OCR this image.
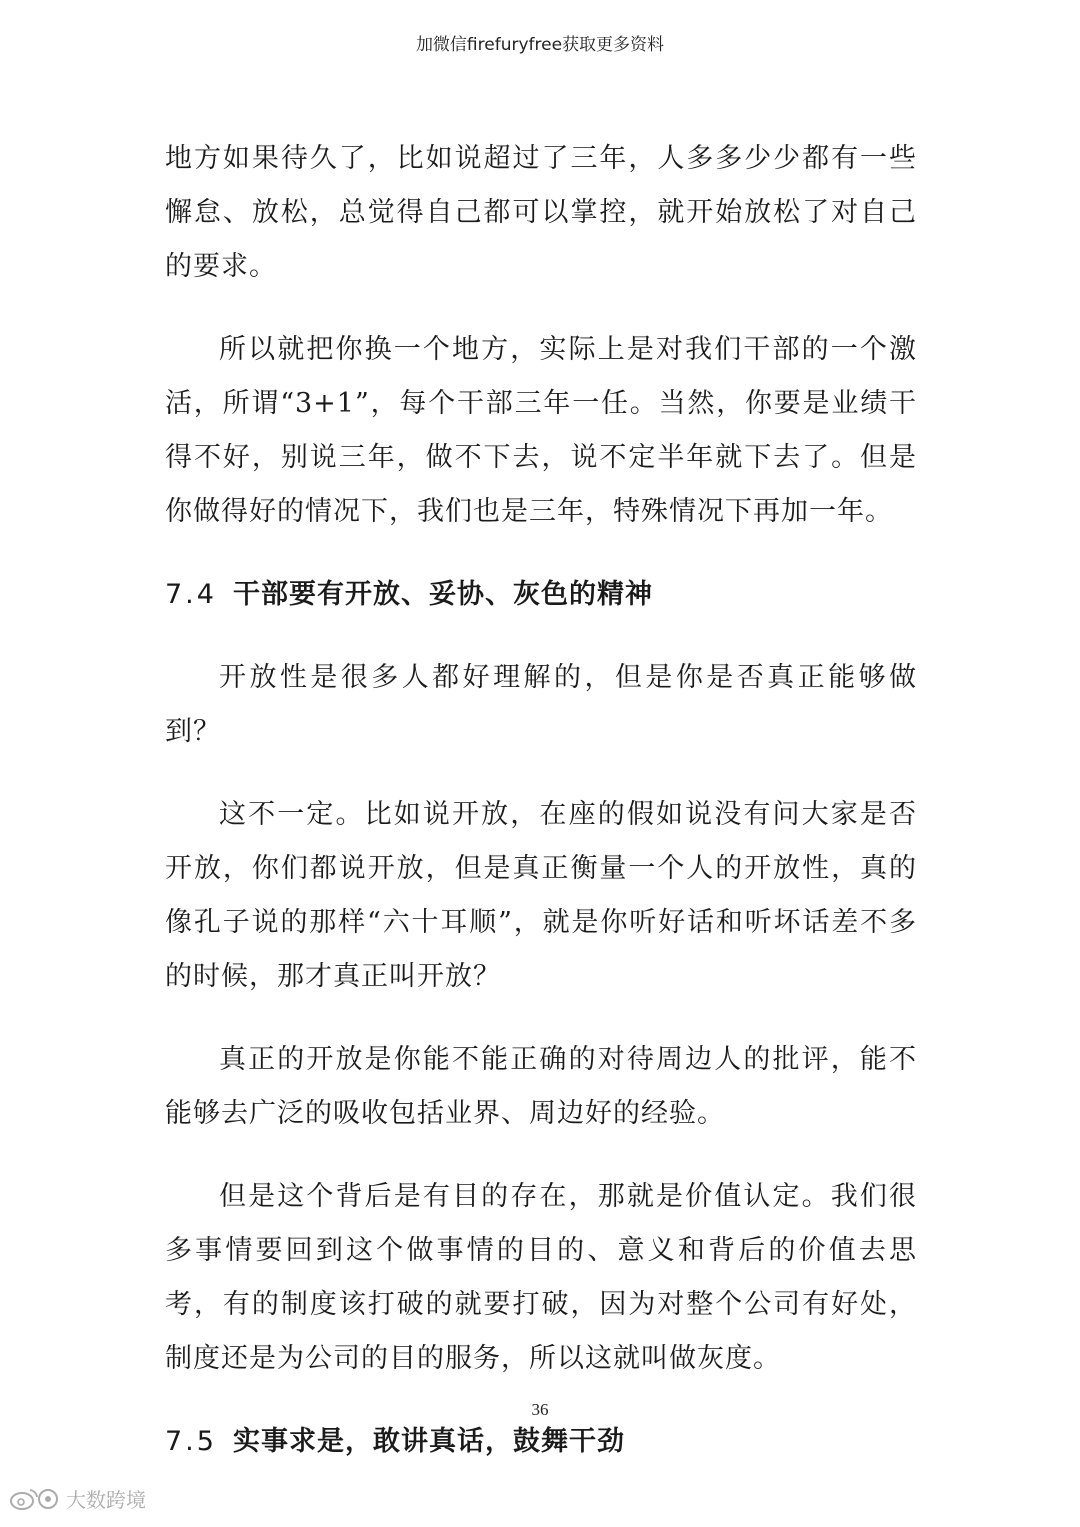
加微信firefuryfree获取更多资料

地方如果待久了，比如说超过了三年，人多多少少都有一些懈怠、放松，总觉得自己都可以掌控，就开始放松了对自己的要求。

所以就把你换一个地方，实际上是对我们干部的一个激活，所谓“3+1”，每个干部三年一任。当然，你要是业绩干得不好，别说三年，做不下去，说不定半年就下去了。但是你做得好的情况下，我们也是三年，特殊情况下再加一年。

7.4 干部要有开放、妥协、灰色的精神

开放性是很多人都好理解的，但是你是否真正能够做到？

这不一定。比如说开放，在座的假如说没有问大家是否开放，你们都说开放，但是真正衡量一个人的开放性，真的像孔子说的那样“六十耳顺”，就是你听好话和听坏话差不多的时候，那才真正叫开放？

真正的开放是你能不能正确的对待周边人的批评，能不能够去广泛的吸收包括业界、周边好的经验。

但是这个背后是有目的存在，那就是价值认定。我们很多事情要回到这个做事情的目的、意义和背后的价值去思考，有的制度该打破的就要打破，因为对整个公司有好处，制度还是为公司的目的服务，所以这就叫做灰度。

7.5 实事求是，敢讲真话，鼓舞干劲
36
大数跨境
